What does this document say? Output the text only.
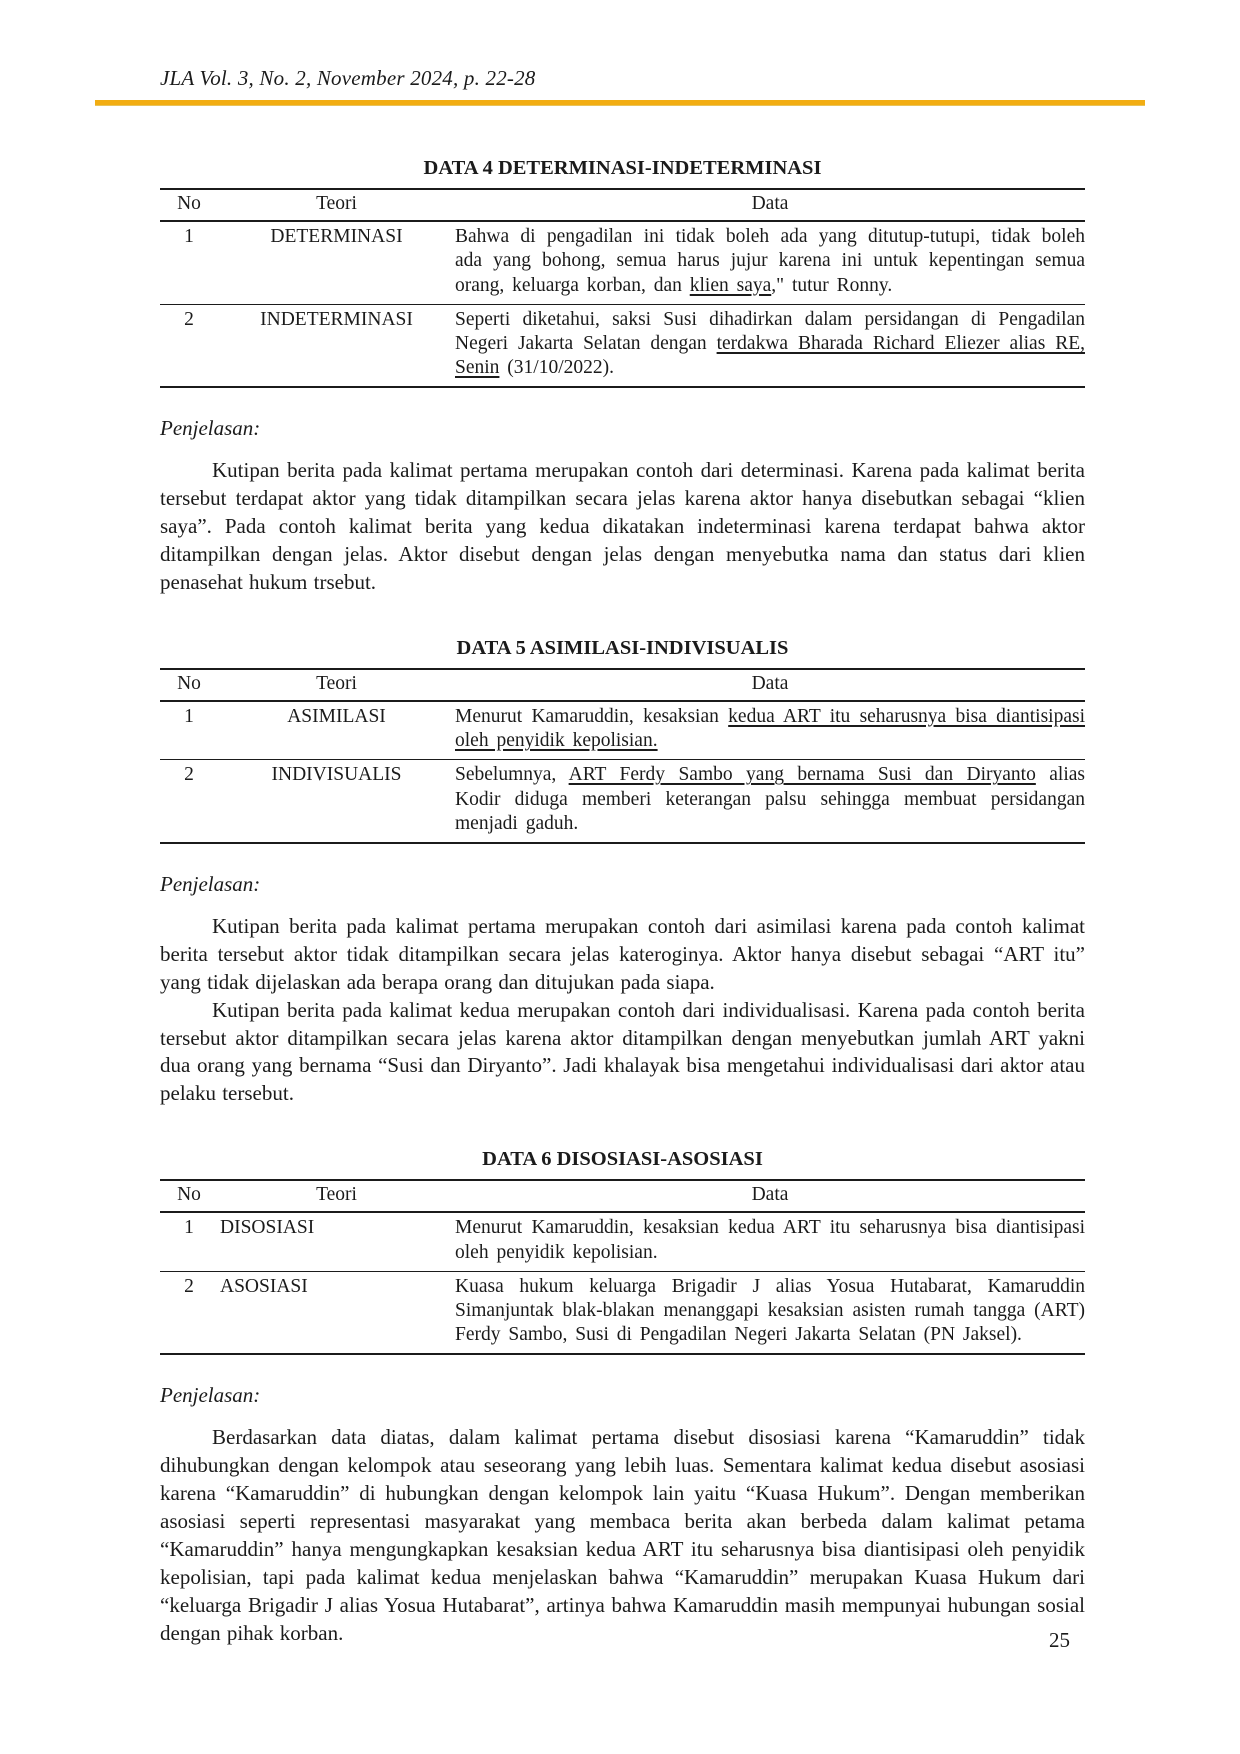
JLA Vol. 3, No. 2, November 2024, p. 22-28
DATA 4 DETERMINASI-INDETERMINASI
No	Teori	Data
1	DETERMINASI	Bahwa di pengadilan ini tidak boleh ada yang ditutup-tutupi, tidak boleh ada yang bohong, semua harus jujur karena ini untuk kepentingan semua orang, keluarga korban, dan klien saya," tutur Ronny.
2	INDETERMINASI	Seperti diketahui, saksi Susi dihadirkan dalam persidangan di Pengadilan Negeri Jakarta Selatan dengan terdakwa Bharada Richard Eliezer alias RE, Senin (31/10/2022).

Penjelasan:

Kutipan berita pada kalimat pertama merupakan contoh dari determinasi. Karena pada kalimat berita tersebut terdapat aktor yang tidak ditampilkan secara jelas karena aktor hanya disebutkan sebagai “klien saya”. Pada contoh kalimat berita yang kedua dikatakan indeterminasi karena terdapat bahwa aktor ditampilkan dengan jelas. Aktor disebut dengan jelas dengan menyebutka nama dan status dari klien penasehat hukum trsebut.

DATA 5 ASIMILASI-INDIVISUALIS
No	Teori	Data
1	ASIMILASI	Menurut Kamaruddin, kesaksian kedua ART itu seharusnya bisa diantisipasi oleh penyidik kepolisian.
2	INDIVISUALIS	Sebelumnya, ART Ferdy Sambo yang bernama Susi dan Diryanto alias Kodir diduga memberi keterangan palsu sehingga membuat persidangan menjadi gaduh.

Penjelasan:

Kutipan berita pada kalimat pertama merupakan contoh dari asimilasi karena pada contoh kalimat berita tersebut aktor tidak ditampilkan secara jelas kateroginya. Aktor hanya disebut sebagai “ART itu” yang tidak dijelaskan ada berapa orang dan ditujukan pada siapa.

Kutipan berita pada kalimat kedua merupakan contoh dari individualisasi. Karena pada contoh berita tersebut aktor ditampilkan secara jelas karena aktor ditampilkan dengan menyebutkan jumlah ART yakni dua orang yang bernama “Susi dan Diryanto”. Jadi khalayak bisa mengetahui individualisasi dari aktor atau pelaku tersebut.

DATA 6 DISOSIASI-ASOSIASI
No	Teori	Data
1	DISOSIASI	Menurut Kamaruddin, kesaksian kedua ART itu seharusnya bisa diantisipasi oleh penyidik kepolisian.
2	ASOSIASI	Kuasa hukum keluarga Brigadir J alias Yosua Hutabarat, Kamaruddin Simanjuntak blak-blakan menanggapi kesaksian asisten rumah tangga (ART) Ferdy Sambo, Susi di Pengadilan Negeri Jakarta Selatan (PN Jaksel).

Penjelasan:

Berdasarkan data diatas, dalam kalimat pertama disebut disosiasi karena “Kamaruddin” tidak dihubungkan dengan kelompok atau seseorang yang lebih luas. Sementara kalimat kedua disebut asosiasi karena “Kamaruddin” di hubungkan dengan kelompok lain yaitu “Kuasa Hukum”. Dengan memberikan asosiasi seperti representasi masyarakat yang membaca berita akan berbeda dalam kalimat petama “Kamaruddin” hanya mengungkapkan kesaksian kedua ART itu seharusnya bisa diantisipasi oleh penyidik kepolisian, tapi pada kalimat kedua menjelaskan bahwa “Kamaruddin” merupakan Kuasa Hukum dari “keluarga Brigadir J alias Yosua Hutabarat”, artinya bahwa Kamaruddin masih mempunyai hubungan sosial dengan pihak korban.	25
